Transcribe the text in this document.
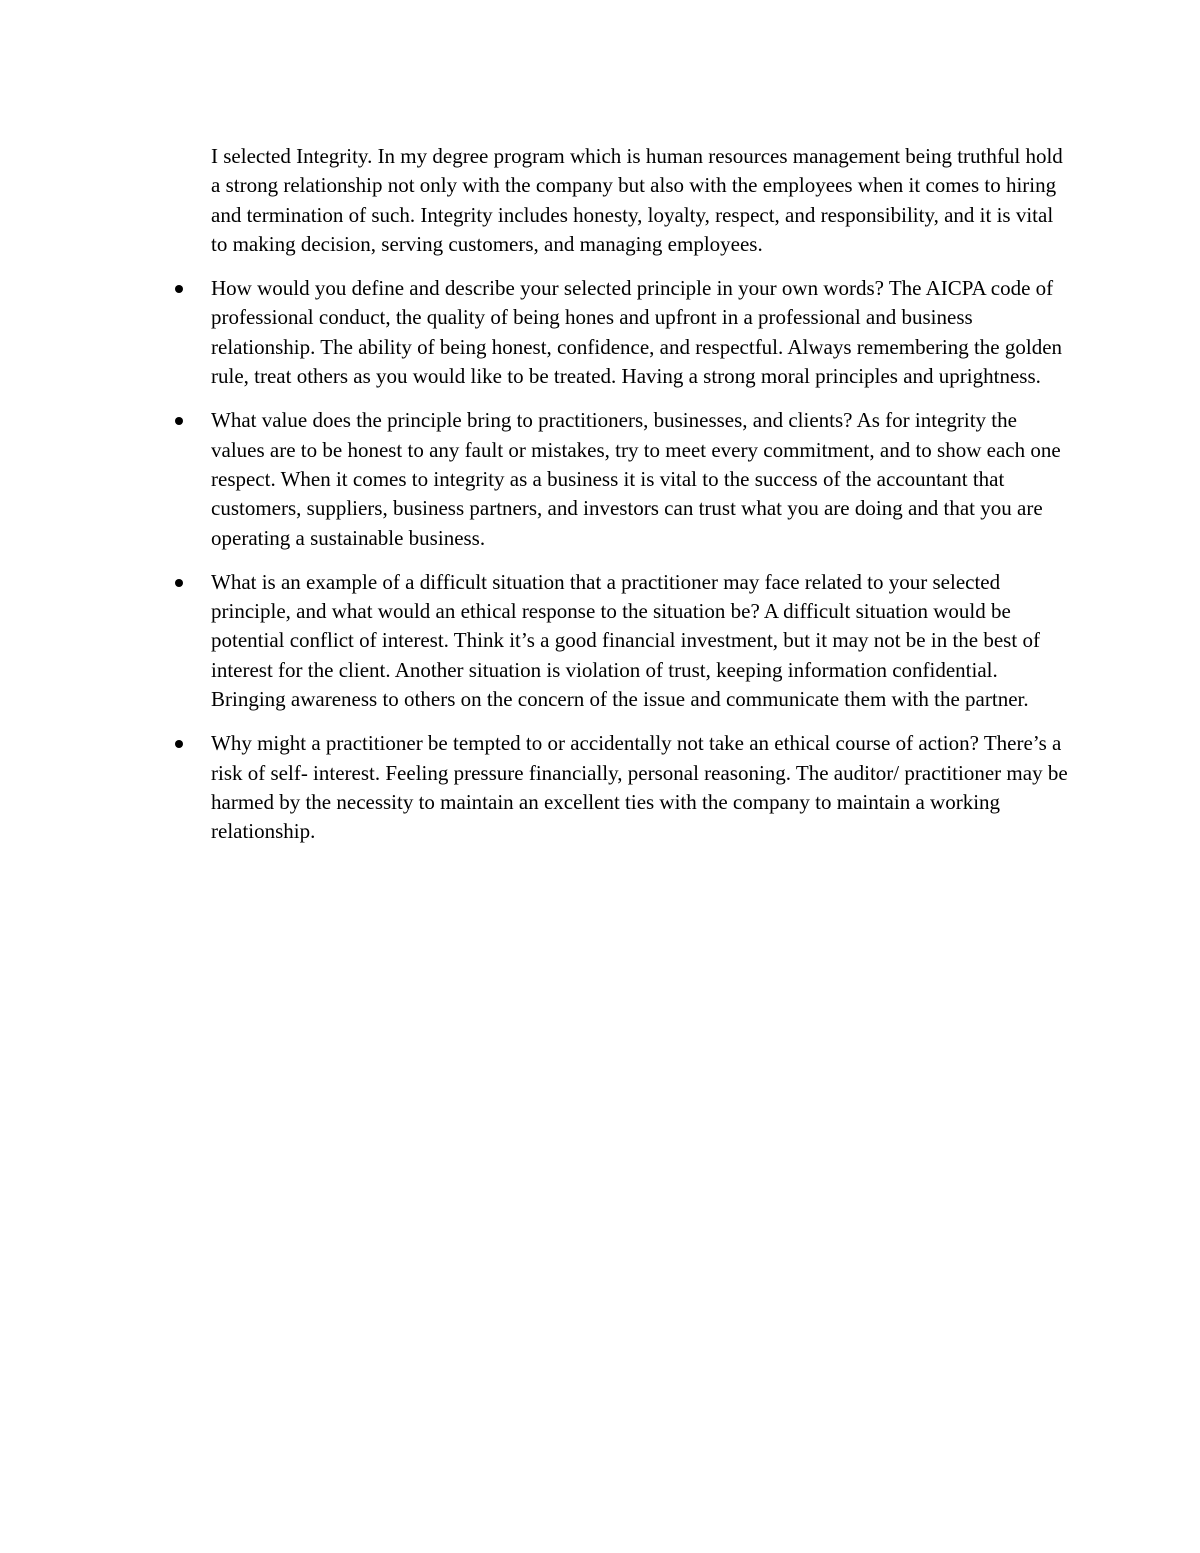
I selected Integrity. In my degree program which is human resources management being truthful hold a strong relationship not only with the company but also with the employees when it comes to hiring and termination of such. Integrity includes honesty, loyalty, respect, and responsibility, and it is vital to making decision, serving customers, and managing employees.

How would you define and describe your selected principle in your own words? The AICPA code of professional conduct, the quality of being hones and upfront in a professional and business relationship. The ability of being honest, confidence, and respectful. Always remembering the golden rule, treat others as you would like to be treated. Having a strong moral principles and uprightness.
What value does the principle bring to practitioners, businesses, and clients? As for integrity the values are to be honest to any fault or mistakes, try to meet every commitment, and to show each one respect. When it comes to integrity as a business it is vital to the success of the accountant that customers, suppliers, business partners, and investors can trust what you are doing and that you are operating a sustainable business.
What is an example of a difficult situation that a practitioner may face related to your selected principle, and what would an ethical response to the situation be? A difficult situation would be potential conflict of interest. Think it’s a good financial investment, but it may not be in the best of interest for the client. Another situation is violation of trust, keeping information confidential. Bringing awareness to others on the concern of the issue and communicate them with the partner.
Why might a practitioner be tempted to or accidentally not take an ethical course of action? There’s a risk of self- interest. Feeling pressure financially, personal reasoning. The auditor/ practitioner may be harmed by the necessity to maintain an excellent ties with the company to maintain a working relationship.
